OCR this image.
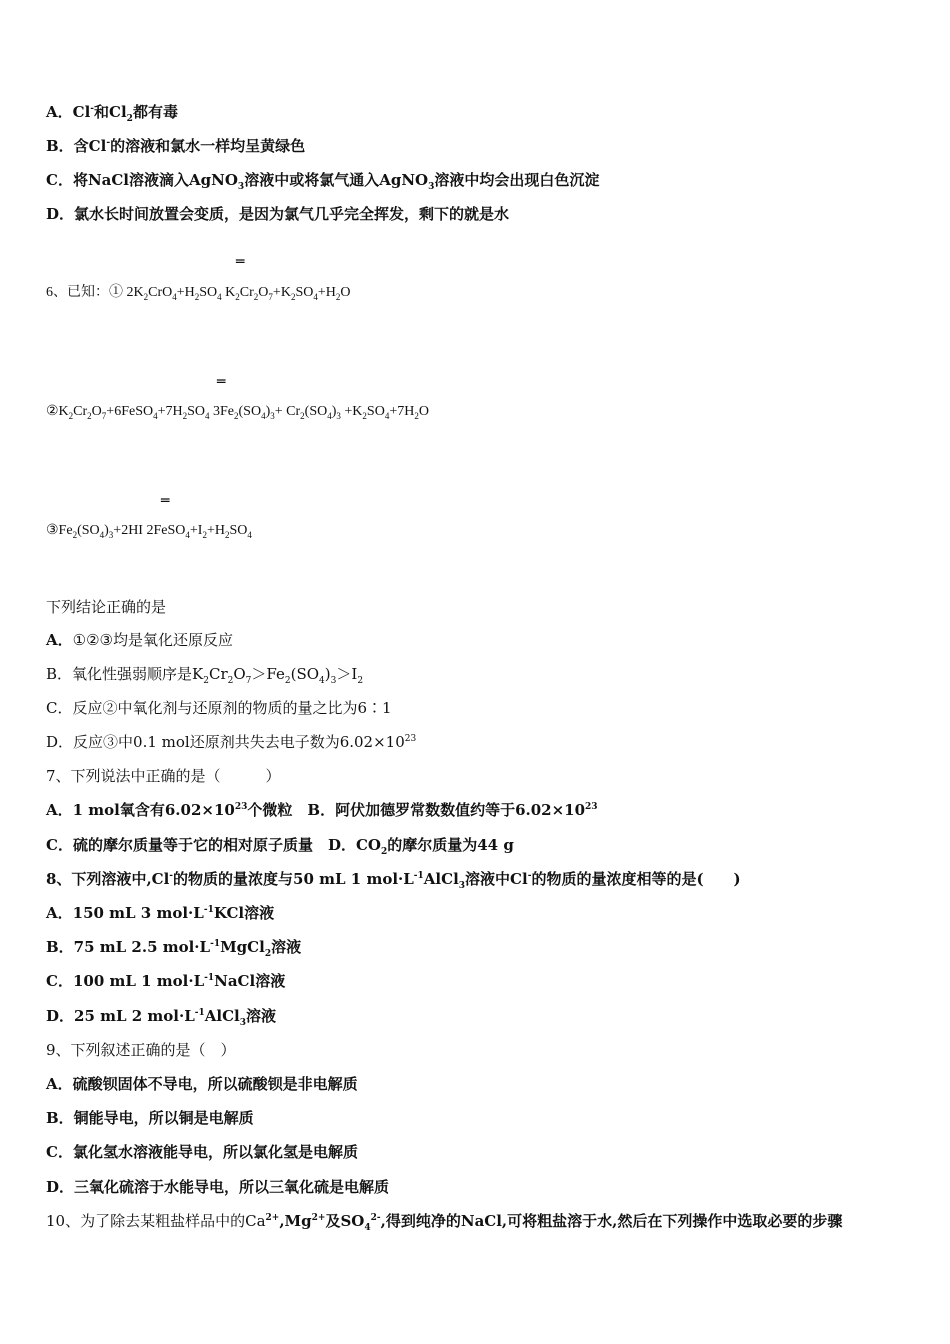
A．Cl-和$Cl_2$都有毒
B．含Cl-的溶液和氯水一样均呈黄绿色
C．将NaCl溶液滴入AgNO$_3$溶液中或将氯气通入AgNO$_3$溶液中均会出现白色沉淀
D．氯水长时间放置会变质，是因为氯气几乎完全挥发，剩下的就是水
═
6、已知：① $2K_2CrO_4+H_2SO_4$ $K_2Cr_2O_7+K_2SO_4+H_2O$
═
$②K_2Cr_2O_7+6FeSO_4+7H_2SO_4$ $3Fe_2(SO_4)_3+ Cr_2(SO_4)_3 +K_2SO_4+7H_2O$
═
$③Fe_2(SO_4)_3+2HI$ $2FeSO_4+I_2+H_2SO_4$
下列结论正确的是
A．①②③均是氧化还原反应
B．氧化性强弱顺序是$K_2Cr_2O_7>Fe_2(SO_4)_3>I_2$
C．反应②中氧化剂与还原剂的物质的量之比为6∶1
D．反应③中0.1 mol还原剂共失去电子数为$6.02\times 10^{23}$
7、下列说法中正确的是（　　　）
A．1 mol氧含有$6.02\times 10^{23}$个微粒　B．阿伏加德罗常数数值约等于$6.02\times 10^{23}$
C．硫的摩尔质量等于它的相对原子质量　D．$CO_2$的摩尔质量为44 g
8、下列溶液中,Cl-的物质的量浓度与50 mL 1 $mol\cdot L^{-1}AlCl_3$溶液中Cl-的物质的量浓度相等的是(　　)
A．150 mL 3 $mol\cdot L^{-1}KCl$溶液
B．75 mL 2.5 $mol\cdot L^{-1}MgCl_2$溶液
C．100 mL 1 $mol\cdot L^{-1}NaCl$溶液
D．25 mL 2 $mol\cdot L^{-1}AlCl_3$溶液
9、下列叙述正确的是（　）
A．硫酸钡固体不导电，所以硫酸钡是非电解质
B．铜能导电，所以铜是电解质
C．氯化氢水溶液能导电，所以氯化氢是电解质
D．三氧化硫溶于水能导电，所以三氧化硫是电解质
10、为了除去某粗盐样品中的$Ca^{2+},Mg^{2+}$及$SO_4^{2-}$,得到纯净的NaCl,可将粗盐溶于水,然后在下列操作中选取必要的步骤
